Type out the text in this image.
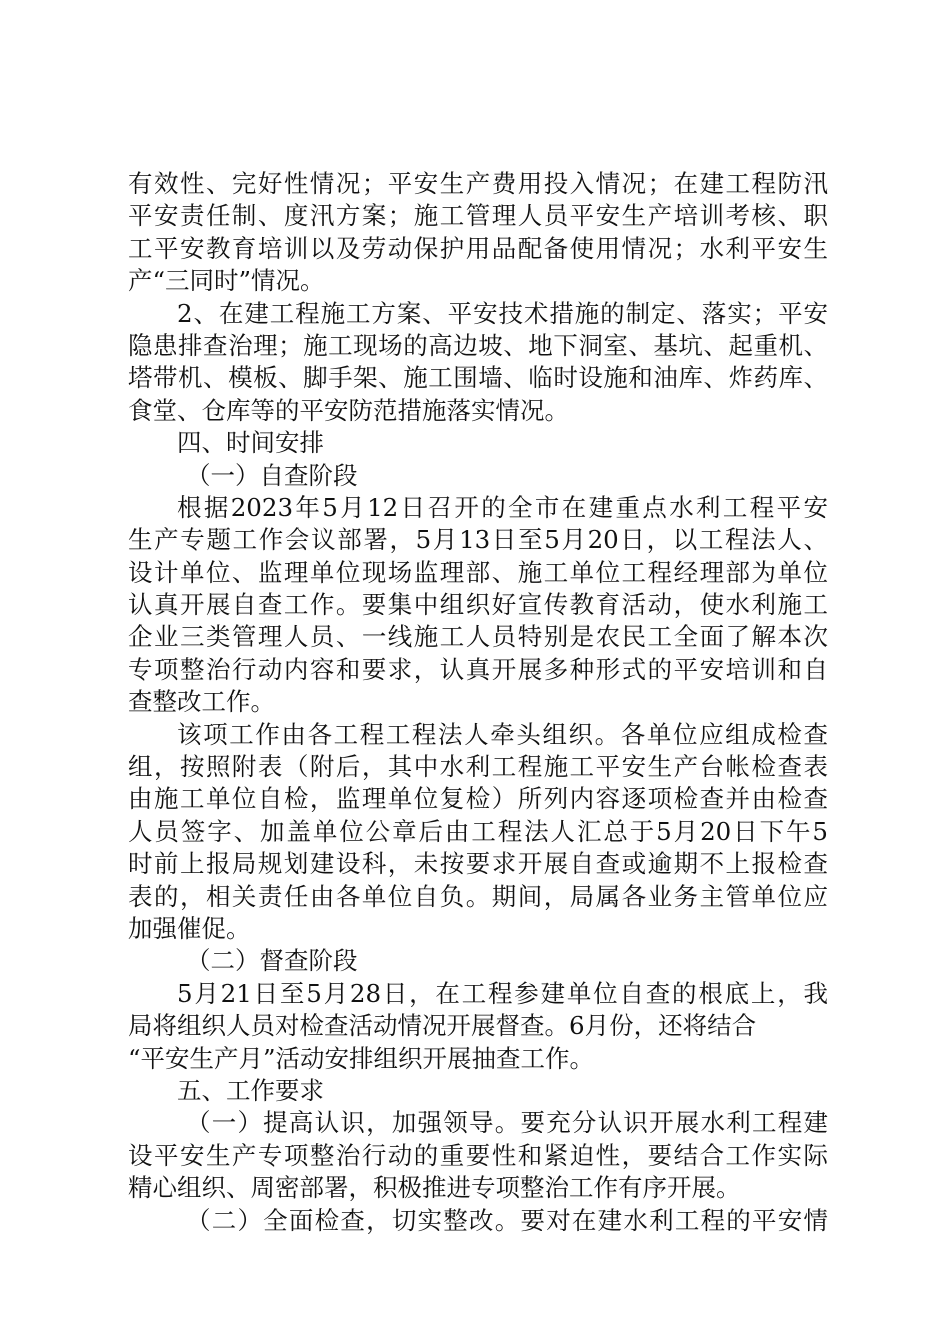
有效性、完好性情况；平安生产费用投入情况；在建工程防汛
平安责任制、度汛方案；施工管理人员平安生产培训考核、职
工平安教育培训以及劳动保护用品配备使用情况；水利平安生
产“三同时”情况。
2、在建工程施工方案、平安技术措施的制定、落实；平安
隐患排查治理；施工现场的高边坡、地下洞室、基坑、起重机、
塔带机、模板、脚手架、施工围墙、临时设施和油库、炸药库、
食堂、仓库等的平安防范措施落实情况。
四、时间安排
（一）自查阶段
根据2023年5月12日召开的全市在建重点水利工程平安
生产专题工作会议部署，5月13日至5月20日，以工程法人、
设计单位、监理单位现场监理部、施工单位工程经理部为单位
认真开展自查工作。要集中组织好宣传教育活动，使水利施工
企业三类管理人员、一线施工人员特别是农民工全面了解本次
专项整治行动内容和要求，认真开展多种形式的平安培训和自
查整改工作。
该项工作由各工程工程法人牵头组织。各单位应组成检查
组，按照附表（附后，其中水利工程施工平安生产台帐检查表
由施工单位自检，监理单位复检）所列内容逐项检查并由检查
人员签字、加盖单位公章后由工程法人汇总于5月20日下午5
时前上报局规划建设科，未按要求开展自查或逾期不上报检查
表的，相关责任由各单位自负。期间，局属各业务主管单位应
加强催促。
（二）督查阶段
5月21日至5月28日，在工程参建单位自查的根底上，我
局将组织人员对检查活动情况开展督查。6月份，还将结合
“平安生产月”活动安排组织开展抽查工作。
五、工作要求
（一）提高认识，加强领导。要充分认识开展水利工程建
设平安生产专项整治行动的重要性和紧迫性，要结合工作实际
精心组织、周密部署，积极推进专项整治工作有序开展。
（二）全面检查，切实整改。要对在建水利工程的平安情
